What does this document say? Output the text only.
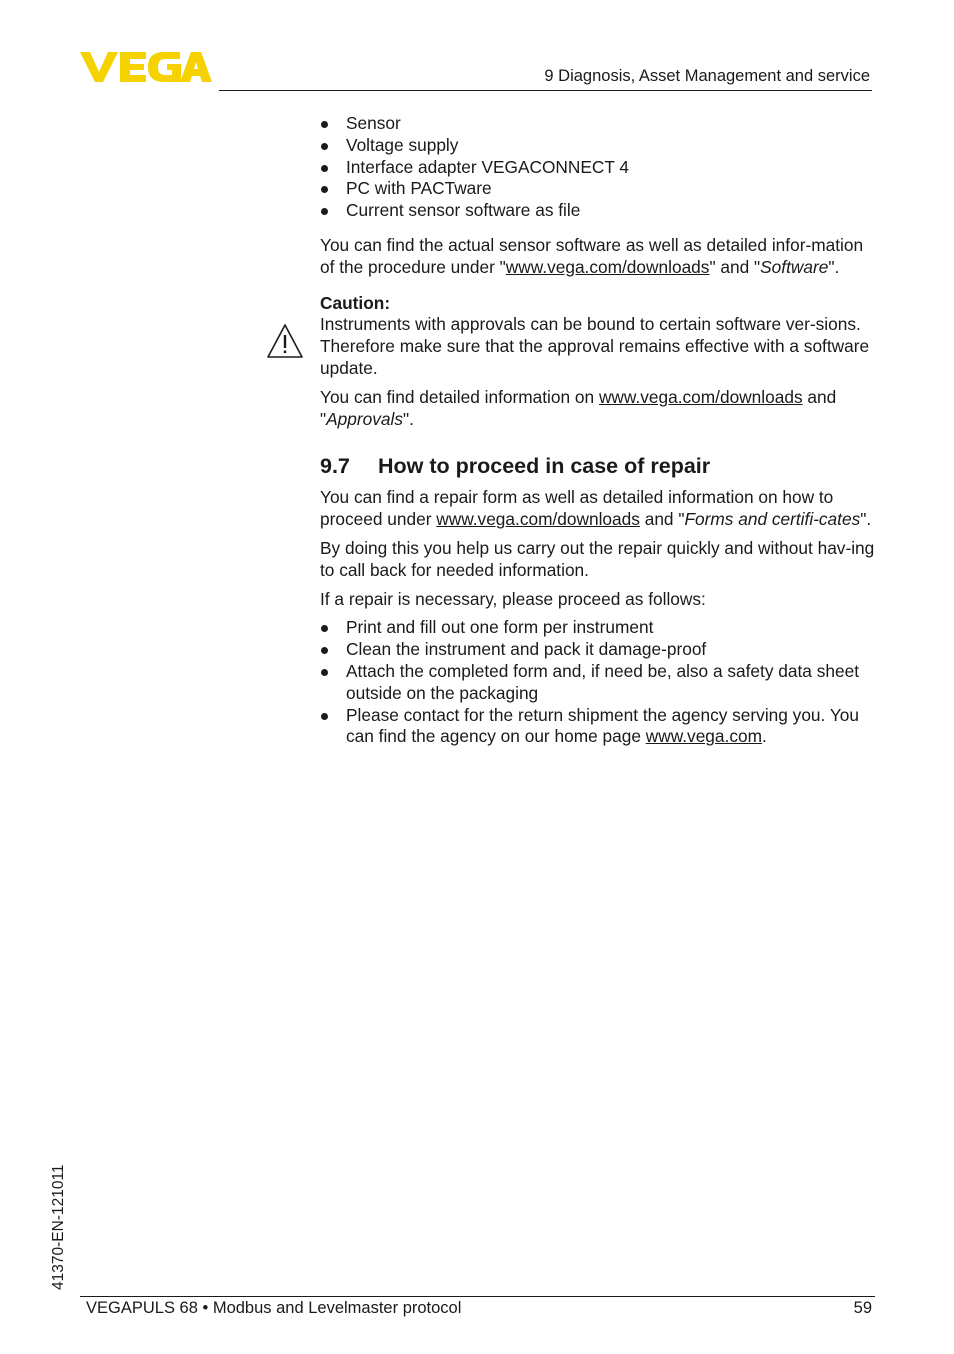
9 Diagnosis, Asset Management and service
Sensor
Voltage supply
Interface adapter VEGACONNECT 4
PC with PACTware
Current sensor software as file

You can find the actual sensor software as well as detailed infor-mation of the procedure under "www.vega.com/downloads" and "Software".

Caution:
Instruments with approvals can be bound to certain software ver-sions. Therefore make sure that the approval remains effective with a software update.

You can find detailed information on www.vega.com/downloads and "Approvals".

9.7 How to proceed in case of repair

You can find a repair form as well as detailed information on how to proceed under www.vega.com/downloads and "Forms and certifi-cates".

By doing this you help us carry out the repair quickly and without hav-ing to call back for needed information.

If a repair is necessary, please proceed as follows:

Print and fill out one form per instrument
Clean the instrument and pack it damage-proof
Attach the completed form and, if need be, also a safety data sheet outside on the packaging
Please contact for the return shipment the agency serving you. You can find the agency on our home page www.vega.com.
41370-EN-121011
VEGAPULS 68 • Modbus and Levelmaster protocol	59
